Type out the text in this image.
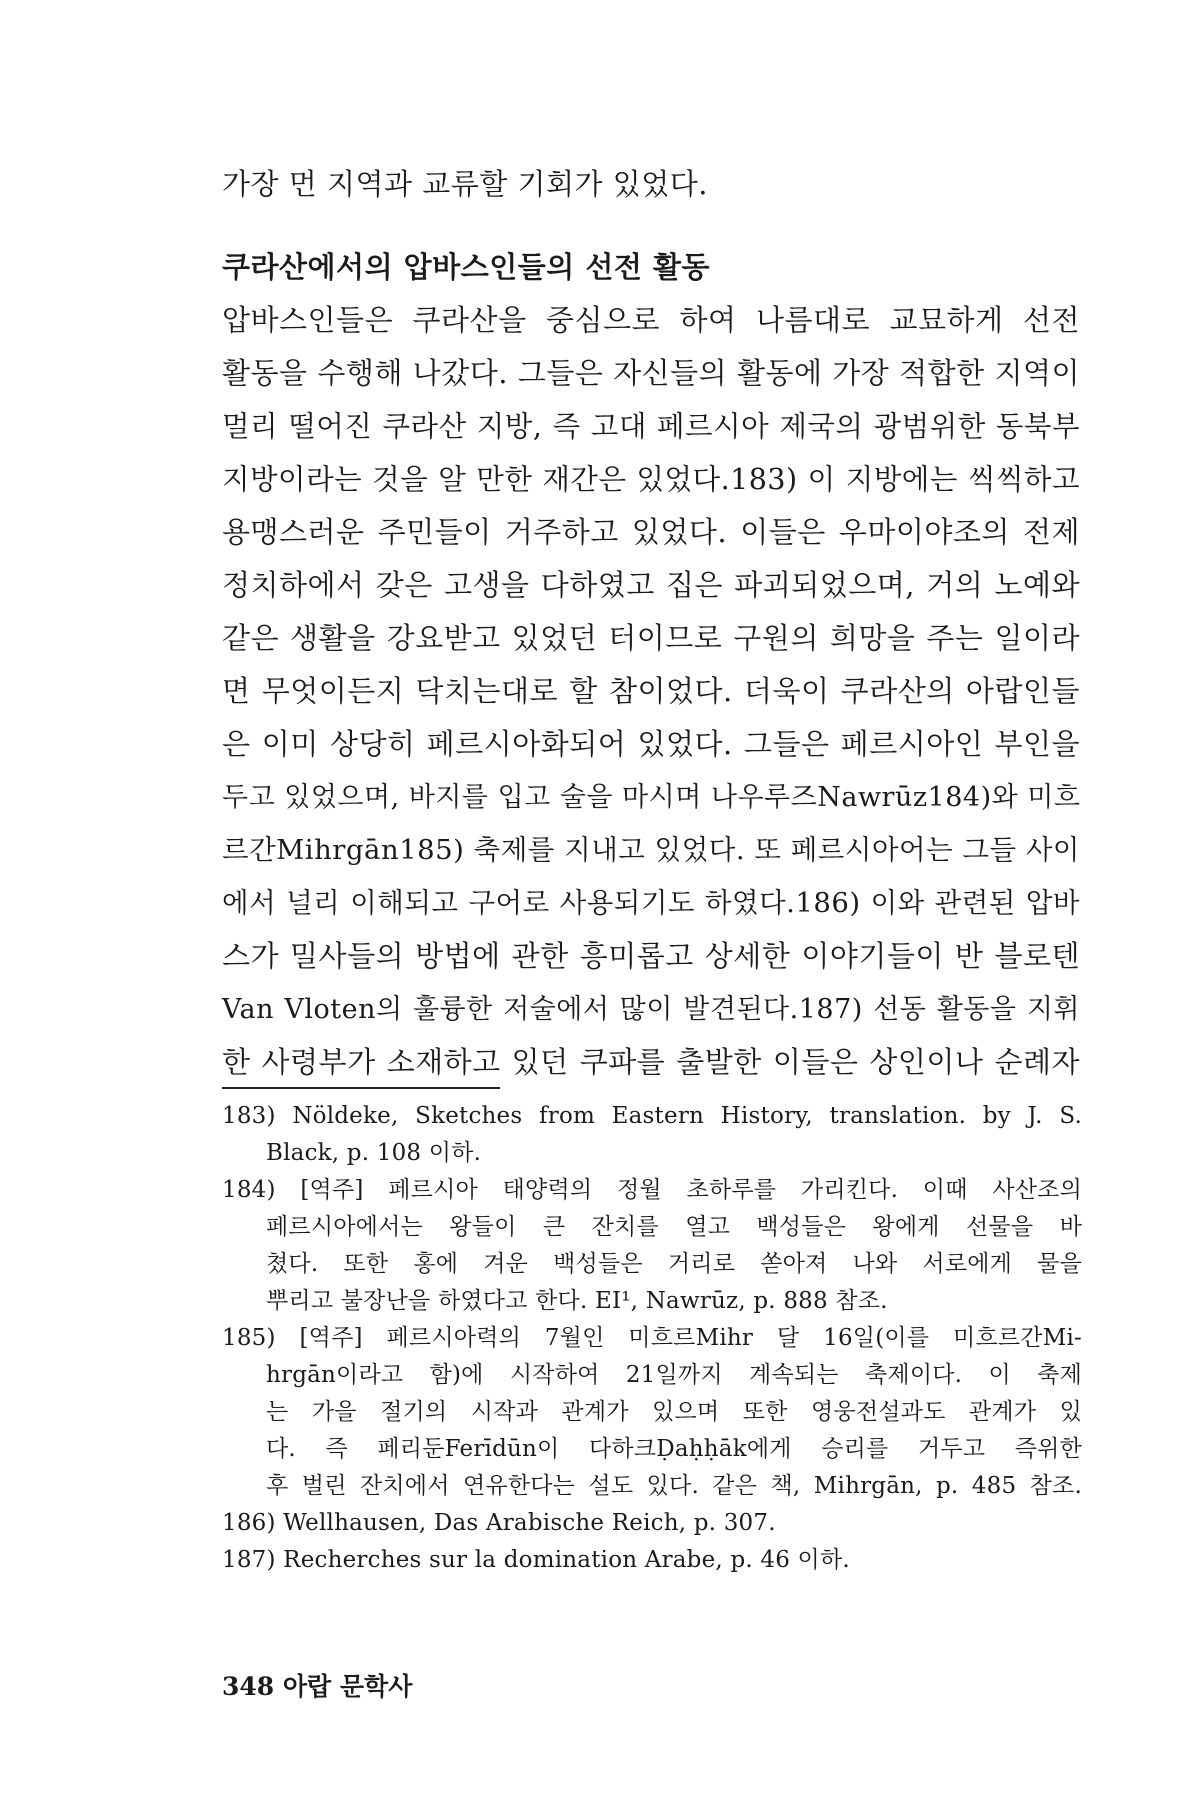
가장 먼 지역과 교류할 기회가 있었다.
쿠라산에서의 압바스인들의 선전 활동
압바스인들은 쿠라산을 중심으로 하여 나름대로 교묘하게 선전
활동을 수행해 나갔다. 그들은 자신들의 활동에 가장 적합한 지역이
멀리 떨어진 쿠라산 지방, 즉 고대 페르시아 제국의 광범위한 동북부
지방이라는 것을 알 만한 재간은 있었다.183) 이 지방에는 씩씩하고
용맹스러운 주민들이 거주하고 있었다. 이들은 우마이야조의 전제
정치하에서 갖은 고생을 다하였고 집은 파괴되었으며, 거의 노예와
같은 생활을 강요받고 있었던 터이므로 구원의 희망을 주는 일이라
면 무엇이든지 닥치는대로 할 참이었다. 더욱이 쿠라산의 아랍인들
은 이미 상당히 페르시아화되어 있었다. 그들은 페르시아인 부인을
두고 있었으며, 바지를 입고 술을 마시며 나우루즈Nawrūz184)와 미흐
르간Mihrgān185) 축제를 지내고 있었다. 또 페르시아어는 그들 사이
에서 널리 이해되고 구어로 사용되기도 하였다.186) 이와 관련된 압바
스가 밀사들의 방법에 관한 흥미롭고 상세한 이야기들이 반 블로텐
Van Vloten의 훌륭한 저술에서 많이 발견된다.187) 선동 활동을 지휘
한 사령부가 소재하고 있던 쿠파를 출발한 이들은 상인이나 순례자
183) Nöldeke, Sketches from Eastern History, translation. by J. S.
Black, p. 108 이하.
184) [역주] 페르시아 태양력의 정월 초하루를 가리킨다. 이때 사산조의
페르시아에서는 왕들이 큰 잔치를 열고 백성들은 왕에게 선물을 바
쳤다. 또한 홍에 겨운 백성들은 거리로 쏟아져 나와 서로에게 물을
뿌리고 불장난을 하였다고 한다. EI¹, Nawrūz, p. 888 참조.
185) [역주] 페르시아력의 7월인 미흐르Mihr 달 16일(이를 미흐르간Mi-
hrgān이라고 함)에 시작하여 21일까지 계속되는 축제이다. 이 축제
는 가을 절기의 시작과 관계가 있으며 또한 영웅전설과도 관계가 있
다. 즉 페리둔Ferīdūn이 다하크Ḍaḥḥāk에게 승리를 거두고 즉위한
후 벌린 잔치에서 연유한다는 설도 있다. 같은 책, Mihrgān, p. 485 참조.
186) Wellhausen, Das Arabische Reich, p. 307.
187) Recherches sur la domination Arabe, p. 46 이하.
348 아랍 문학사
